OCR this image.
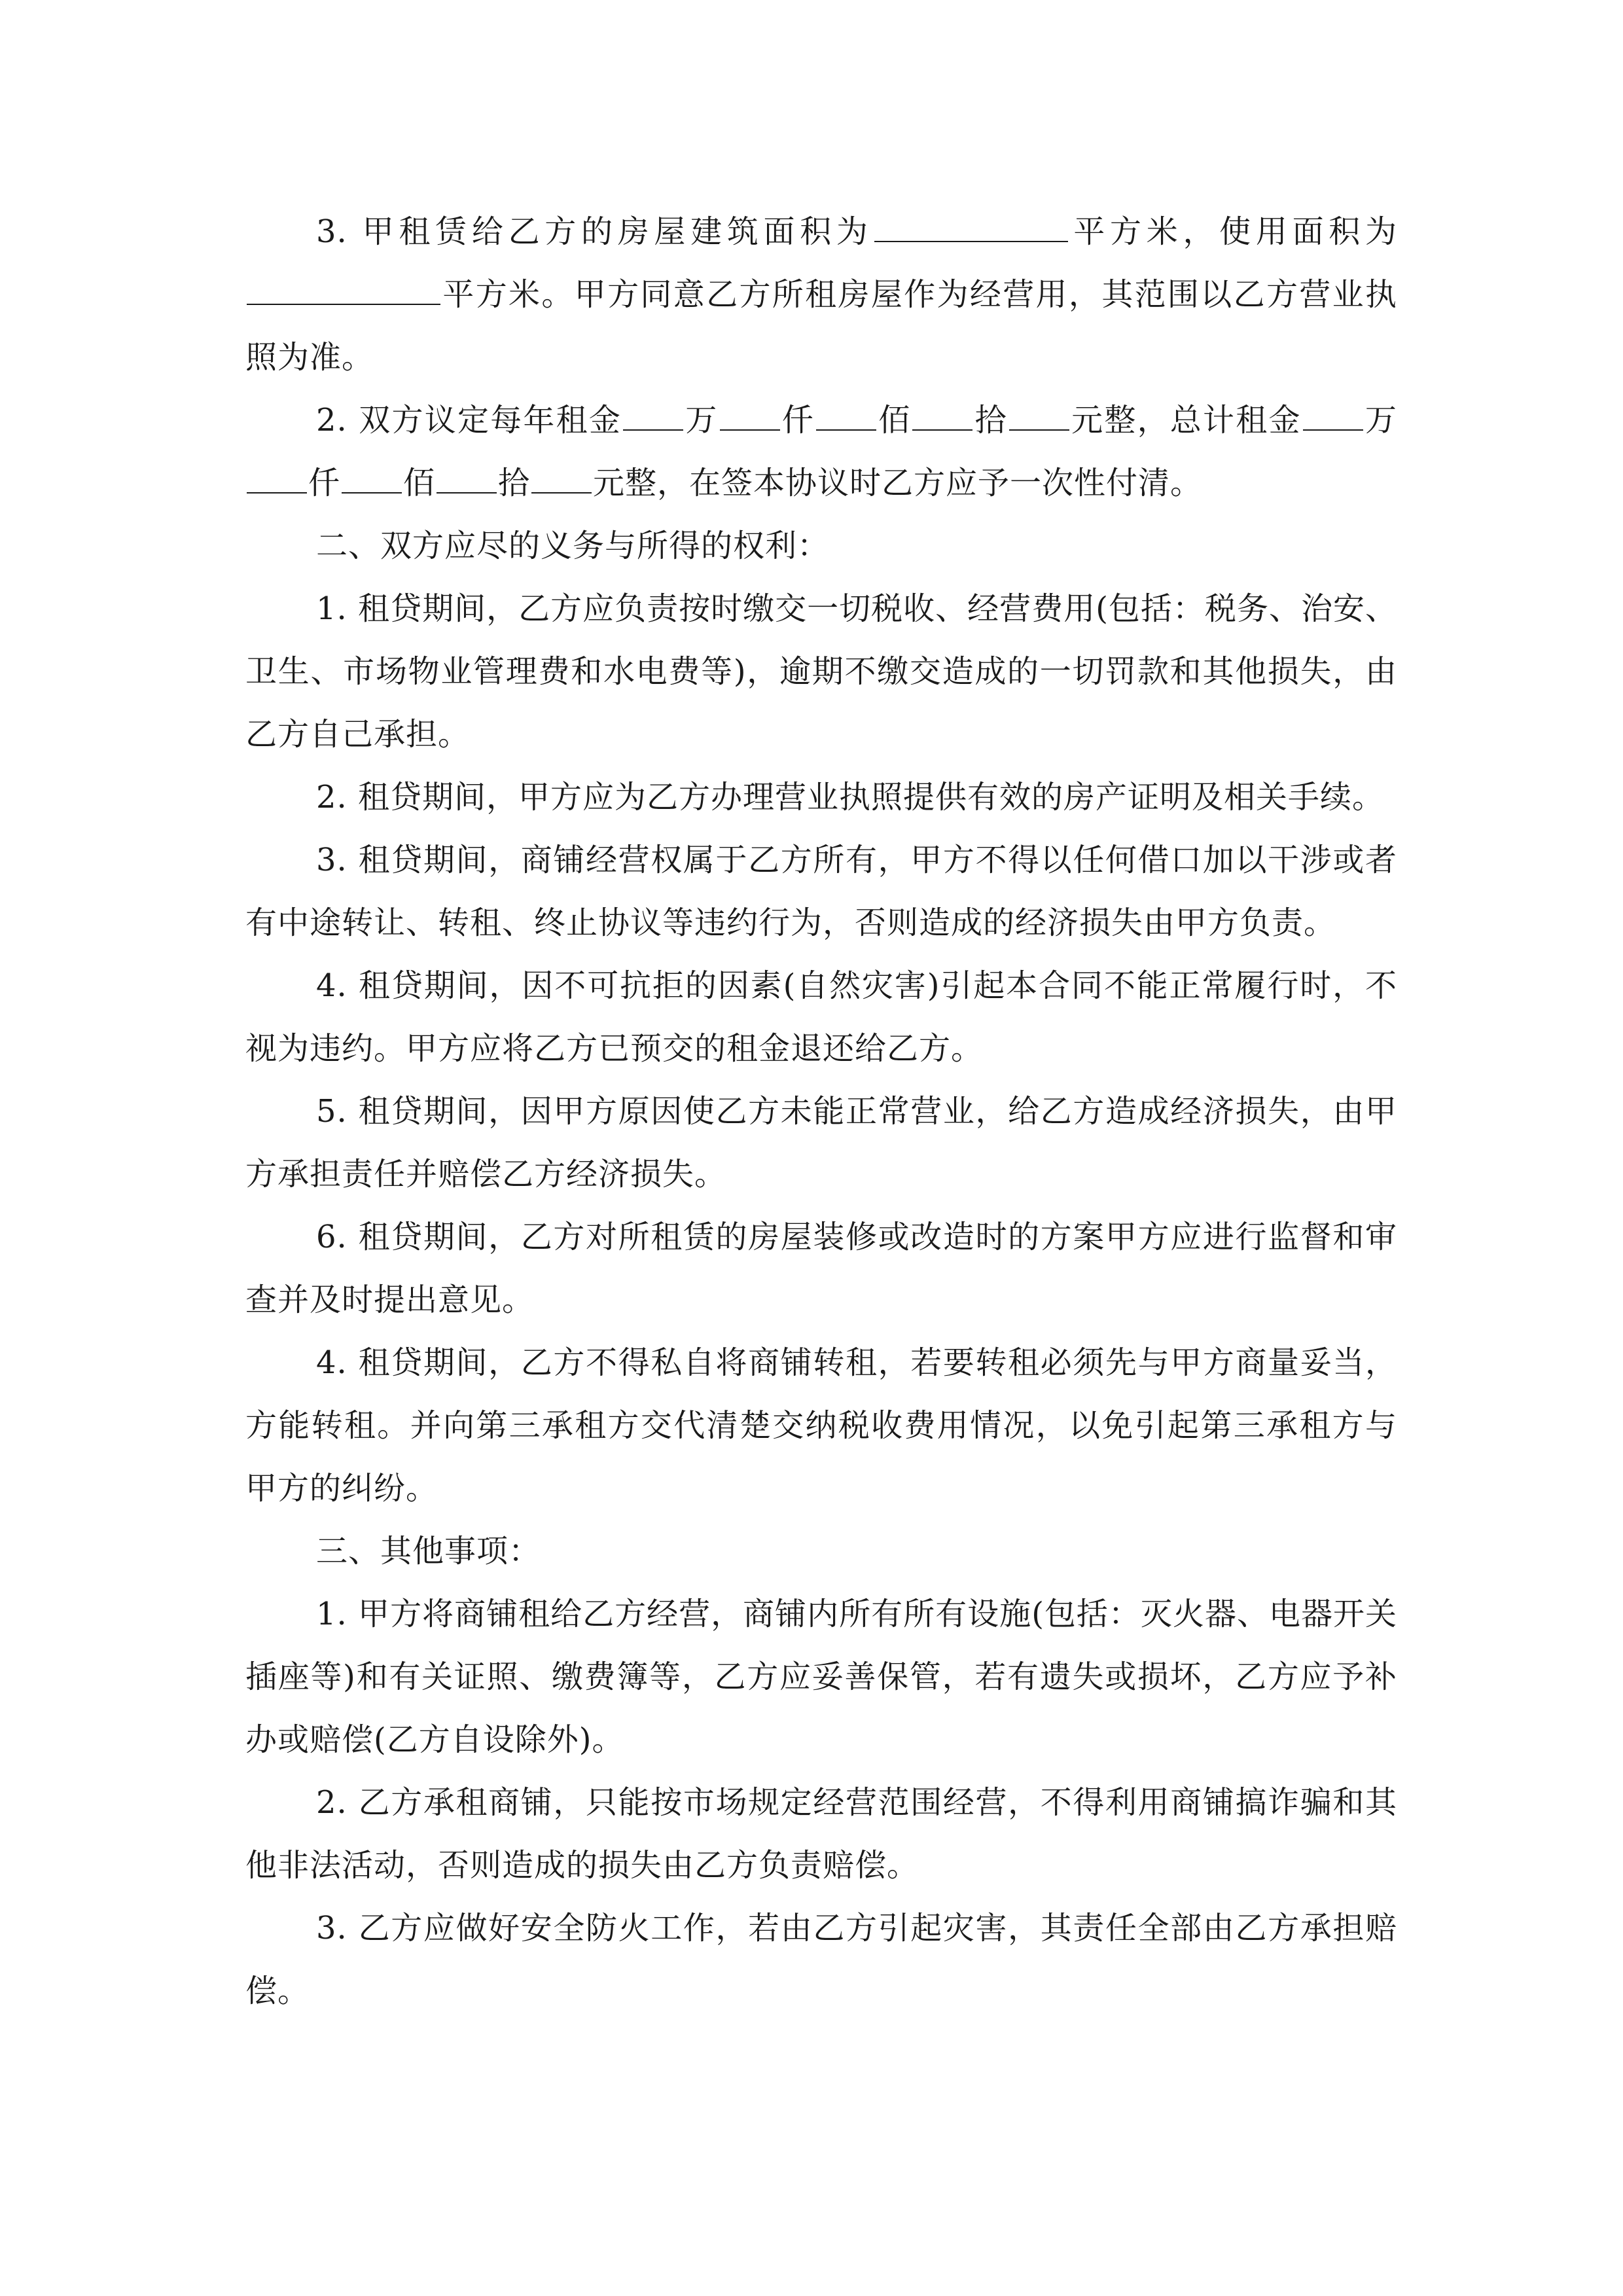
3. 甲租赁给乙方的房屋建筑面积为	平方米，使用面积为平方米。甲方同意乙方所租房屋作为经营用，其范围以乙方营业执照为准。

2. 双方议定每年租金 万 仟 佰 拾 元整，总计租金 万仟 佰 拾 元整，在签本协议时乙方应予一次性付清。

二、双方应尽的义务与所得的权利：

1. 租贷期间，乙方应负责按时缴交一切税收、经营费用(包括：税务、治安、卫生、市场物业管理费和水电费等)，逾期不缴交造成的一切罚款和其他损失，由乙方自己承担。

2. 租贷期间，甲方应为乙方办理营业执照提供有效的房产证明及相关手续。

3. 租贷期间，商铺经营权属于乙方所有，甲方不得以任何借口加以干涉或者有中途转让、转租、终止协议等违约行为，否则造成的经济损失由甲方负责。

4. 租贷期间，因不可抗拒的因素(自然灾害)引起本合同不能正常履行时，不视为违约。甲方应将乙方已预交的租金退还给乙方。

5. 租贷期间，因甲方原因使乙方未能正常营业，给乙方造成经济损失，由甲方承担责任并赔偿乙方经济损失。

6. 租贷期间，乙方对所租赁的房屋装修或改造时的方案甲方应进行监督和审查并及时提出意见。

4. 租贷期间，乙方不得私自将商铺转租，若要转租必须先与甲方商量妥当，方能转租。并向第三承租方交代清楚交纳税收费用情况，以免引起第三承租方与甲方的纠纷。

三、其他事项：

1. 甲方将商铺租给乙方经营，商铺内所有所有设施(包括：灭火器、电器开关插座等)和有关证照、缴费簿等，乙方应妥善保管，若有遗失或损坏，乙方应予补办或赔偿(乙方自设除外)。

2. 乙方承租商铺，只能按市场规定经营范围经营，不得利用商铺搞诈骗和其他非法活动，否则造成的损失由乙方负责赔偿。

3. 乙方应做好安全防火工作，若由乙方引起灾害，其责任全部由乙方承担赔偿。
